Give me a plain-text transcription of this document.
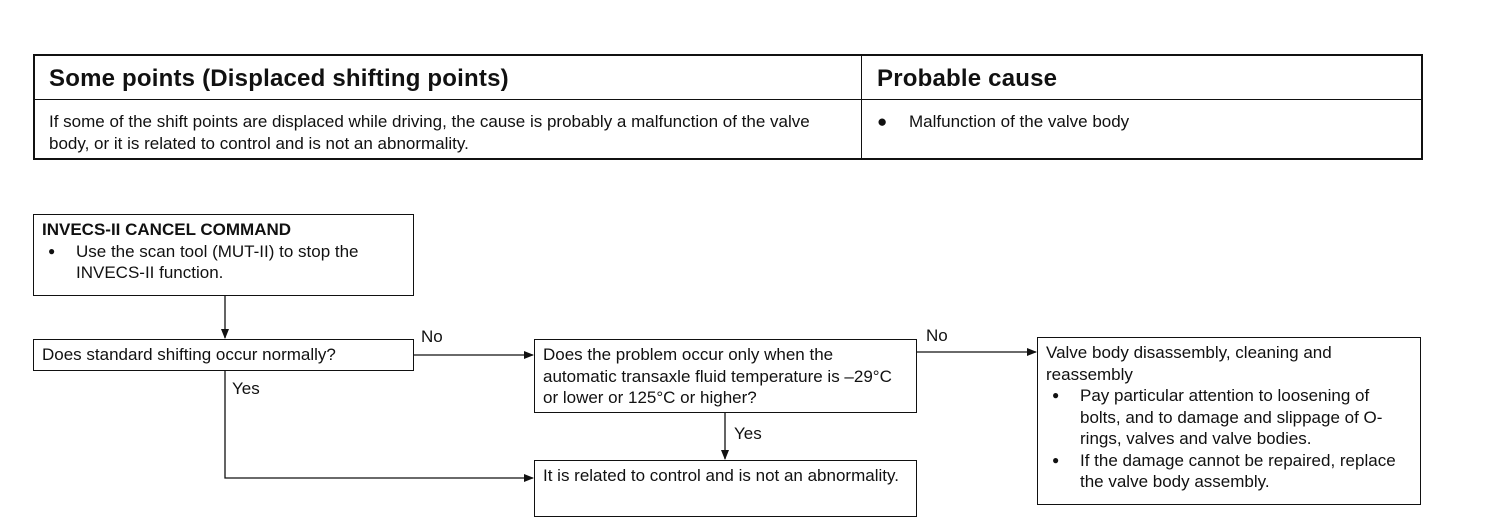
Some points (Displaced shifting points)	Probable cause
If some of the shift points are displaced while driving, the cause is probably a malfunction of the valve body, or it is related to control and is not an abnormality.
● Malfunction of the valve body
INVECS-II CANCEL COMMAND
● Use the scan tool (MUT-II) to stop the INVECS-II function.
Does standard shifting occur normally?	Does the problem occur only when the automatic transaxle fluid temperature is –29°C or lower or 125°C or higher?
It is related to control and is not an abnormality.
Valve body disassembly, cleaning and reassembly
● Pay particular attention to loosening of bolts, and to damage and slippage of O-rings, valves and valve bodies.
● If the damage cannot be repaired, replace the valve body assembly.
No
Yes
No
Yes
